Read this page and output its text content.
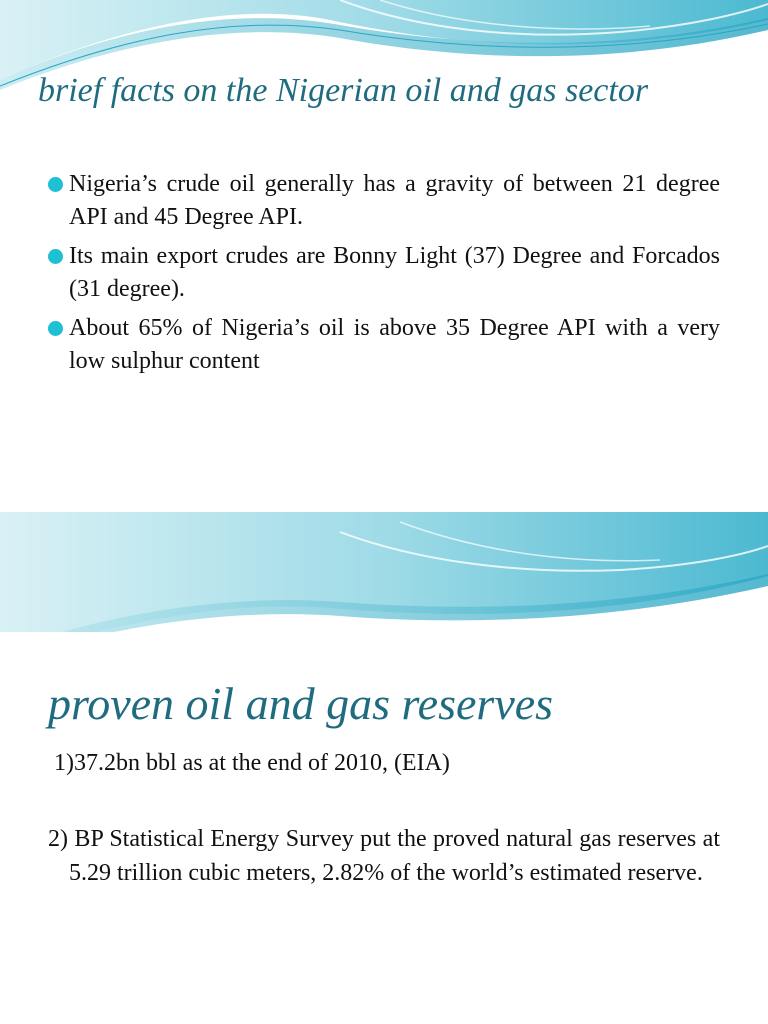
brief facts on the Nigerian oil and gas sector
Nigeria’s crude oil generally has a gravity of between 21 degree API and 45 Degree API.
Its main export crudes are Bonny Light (37) Degree and Forcados (31 degree).
About 65% of Nigeria’s oil is above 35 Degree API with a very low sulphur content
proven oil and gas reserves

1)37.2bn bbl as at the end of 2010, (EIA)

2) BP Statistical Energy Survey put the proved natural gas reserves at 5.29 trillion cubic meters, 2.82% of the world’s estimated reserve.
